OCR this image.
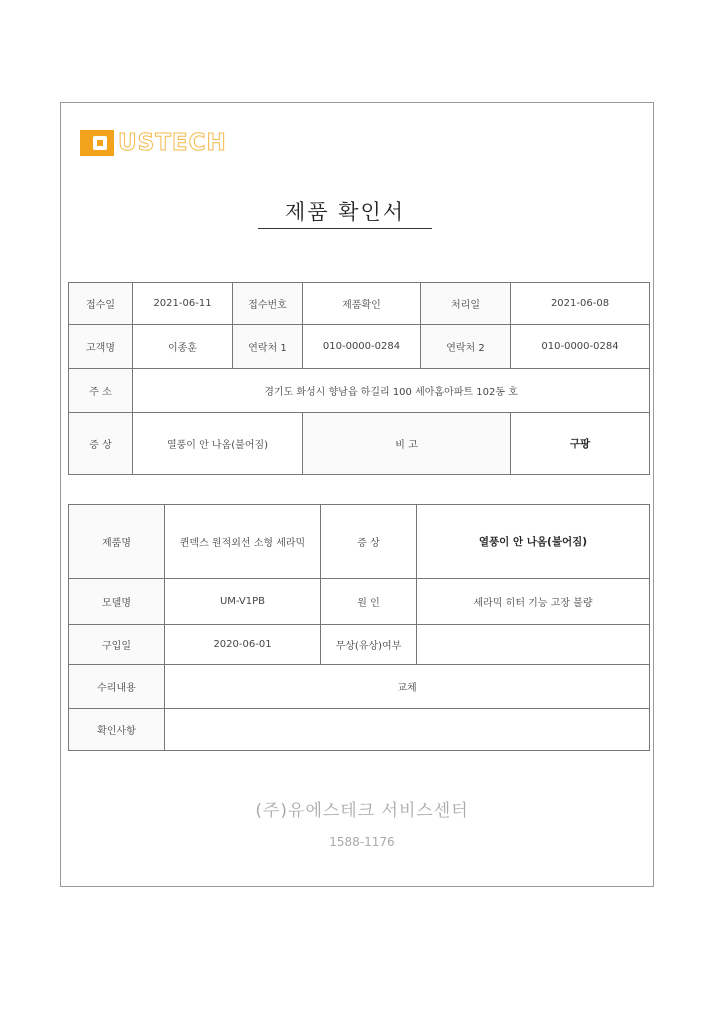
USTECH
제품 확인서
접수일	2021-06-11	접수번호	제품확인	처리일	2021-06-08
고객명	이종훈	연락처 1	010-0000-0284	연락처 2	010-0000-0284
주 소	경기도 화성시 향남읍 하길리 100 세아홈아파트 102동 호				
증 상	열풍이 안 나옴(불어짐)		비 고		구팡
제품명	퀸덱스 원적외선 소형 세라믹	증 상	열풍이 안 나옴(불어짐)
모델명	UM-V1PB	원 인	세라믹 히터 기능 고장 불량
구입일	2020-06-01	무상(유상)여부	
수리내용	교체		
확인사항			
(주)유에스테크 서비스센터
1588-1176
